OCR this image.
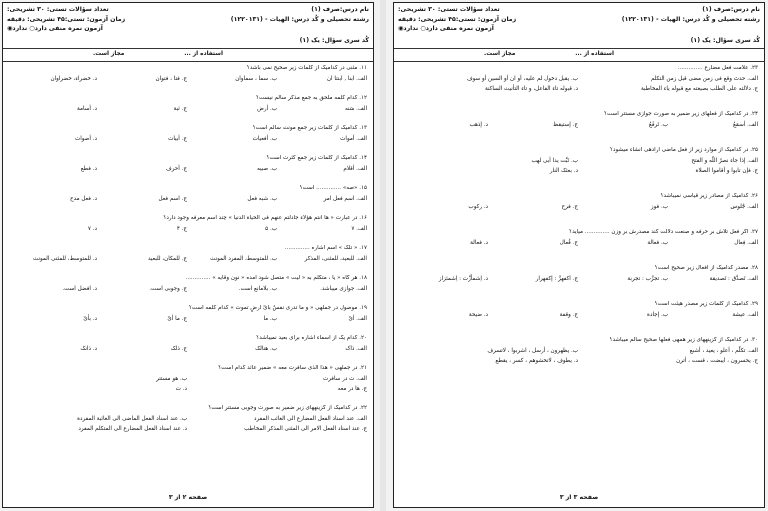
نام درس:صرف (۱)
تعداد سؤالات تستی: ۳۰ تشریحی:
رشته تحصیلی و کُد درس: الهیات - (۱۲۲۰۱۳۱)
زمان آزمون: تستی:۴۵ تشریحی: دقیقه
آزمون نمره منفی دارد○ ندارد◉
کُد سری سؤال: یک (۱)
استفاده از ...
مجاز است.
۱۱. مثنی در کدامیک از کلمات زیر صحیح نمی باشد؟
الف. ابنا , ابنتا ان
ب. سما ، سماوان
ج. فتا ، فتوان
د. خضراء، خضراوان
۱۲. کدام کلمه ملحق به جمع مذکر سالم نیست؟
الف. سَنه
ب. أرض
ج. ثبة
د. أسامة
۱۳. کدامیک از کلمات زیر جمع مونث سالم است؟
الف. أموات
ب. أفعیات
ج. أبیات
د. أصوات
۱۴. کدامیک از کلمات زیر جمع کثرت است؟
الف. أقلام
ب. صبیه
ج. أحرف
د. فطع
۱۵. «صه» .............. است؟
الف. اسم فعل امر
ب. شبه فعل
ج. اسم فعل
د. فعل مدح
۱۶. در عبارت « ها أنتم هؤلاء جادلتم عنهم فی الحیاة الدنیا » چند اسم معرفه وجود دارد؟
الف. ۷
ب. ۵
ج. ۴
د. ۷
۱۷. « تلک » اسم اشاره ..............
الف. للبعید، للمثنی، المذکر
ب. للمتوسط، المفرد المونث
ج. للمکان، للبعید
د. للمتوسط، للمثنی المونث
۱۸. هر گاه « یا ، متکلم به « لیت » متصل شود اَمده « نون وقایه » ..............
الف. جوازی میباشد.
ب. بلامانع است.
ج. وجوبی است.
د. افضل است.
۱۹. موصول در جملهی « و ما تدری نفسٌ بأیّ أرضٍ تموت » کدام کلمه است؟
الف. أیّ
ب. ما
ج. ما أیّ
د. بأیّ
۲۰. کدام یک از اسماء اشاره برای بعید نمیباشد؟
الف. ذاک
ب. هنالک
ج. ذلک
د. ذانک
۲۱. در جملهی « هذا الذی سافرت معه » ضمیر عائد کدام است؟
الف. ت در سافرت
ب. هو مستتر
ج. ها در معه
د. ت
۲۲. در کدامیک از گزینههای زیر ضمیر به صورت وجوبی مستتر است؟
الف. عند اسناد الفعل المضارع الی الغائب المفرد
ب. عند اسناد الفعل الماضی الی الغائبة المفردة
ج. عند اسناد الفعل الامر الی المثنی المذکر المخاطب
د. عند اسناد الفعل المضارع الی المتکلم المفرد
صفحه ۲ از ۳
نام درس:صرف (۱)
تعداد سؤالات تستی: ۳۰ تشریحی:
رشته تحصیلی و کُد درس: الهیات - (۱۲۲۰۱۳۱)
زمان آزمون: تستی:۴۵ تشریحی: دقیقه
آزمون نمره منفی دارد○ ندارد◉
کُد سری سؤال: یک (۱)
استفاده از ...
مجاز است.
۲۳. علامت فعل مضارع ..............
الف. حدث وقع فی زمن مضی قبل زمن التکلم
ب. یقبل دخول لم علیه، أو ان أو السین أو سوف
ج. دلالته علی الطلب بصیغته مع قبوله یاء المخاطبة
د. قبوله تاء الفاعل، و تاء التأنیث الساکنة
۲۴. در کدامیک از فعلهای زیر ضمیر به صورت جوازی مستتر است؟
الف. أسمَعُ
ب. تَرفَعُ
ج. إستیقظ
د. إذهب
۲۵. در کدامیک از موارد زیر از فعل ماضی ارادهی انشاء میشود؟
الف. إذا جاء نصرُ اللّه و الفتح
ب. تَبَّت یدا أبی لهب
ج. فإن تابوا و أقاموا الصلاة
د. بعثک النار
۲۶. کدامیک از مصادر زیر قیاسی نمیباشد؟
الف. جُلوس
ب. فوز
ج. فرح
د. رکوب
۲۷. اگر فعل تلاش بر حرفه و صنعت دلالت کند مصدرش بر وزن .............. میآید؟
الف. فِعال
ب. فعالة
ج. فُعال
د. فعالة
۲۸. مصدر کدامیک از افعال زیر صحیح است؟
الف. تَصدَّق : تَصدیقة
ب. تجرَّب : تجربة
ج. اکفهرَّ : إکفهرار
د. اِشمأزَّت : اِشمئزاز
۲۹. کدامیک از کلمات زیر مصدر هیئت است؟
الف. عیشة
ب. إجادة
ج. وقفة
د. ضیحة
۳۰. در کدامیک از گزینههای زیر همهی فعلها صحیح سالم میباشد؟
الف. تکلّم ، أعلو ، یعید ، أشبع
ب. یظهرون ، أرسل ، اشربوا ، لاتسرف
ج. یحسرون ، ایبضت ، قست ، أترن
د. یطوف ، لاتخشوهم ، کسر ، یقطع
صفحه ۳ از ۳
